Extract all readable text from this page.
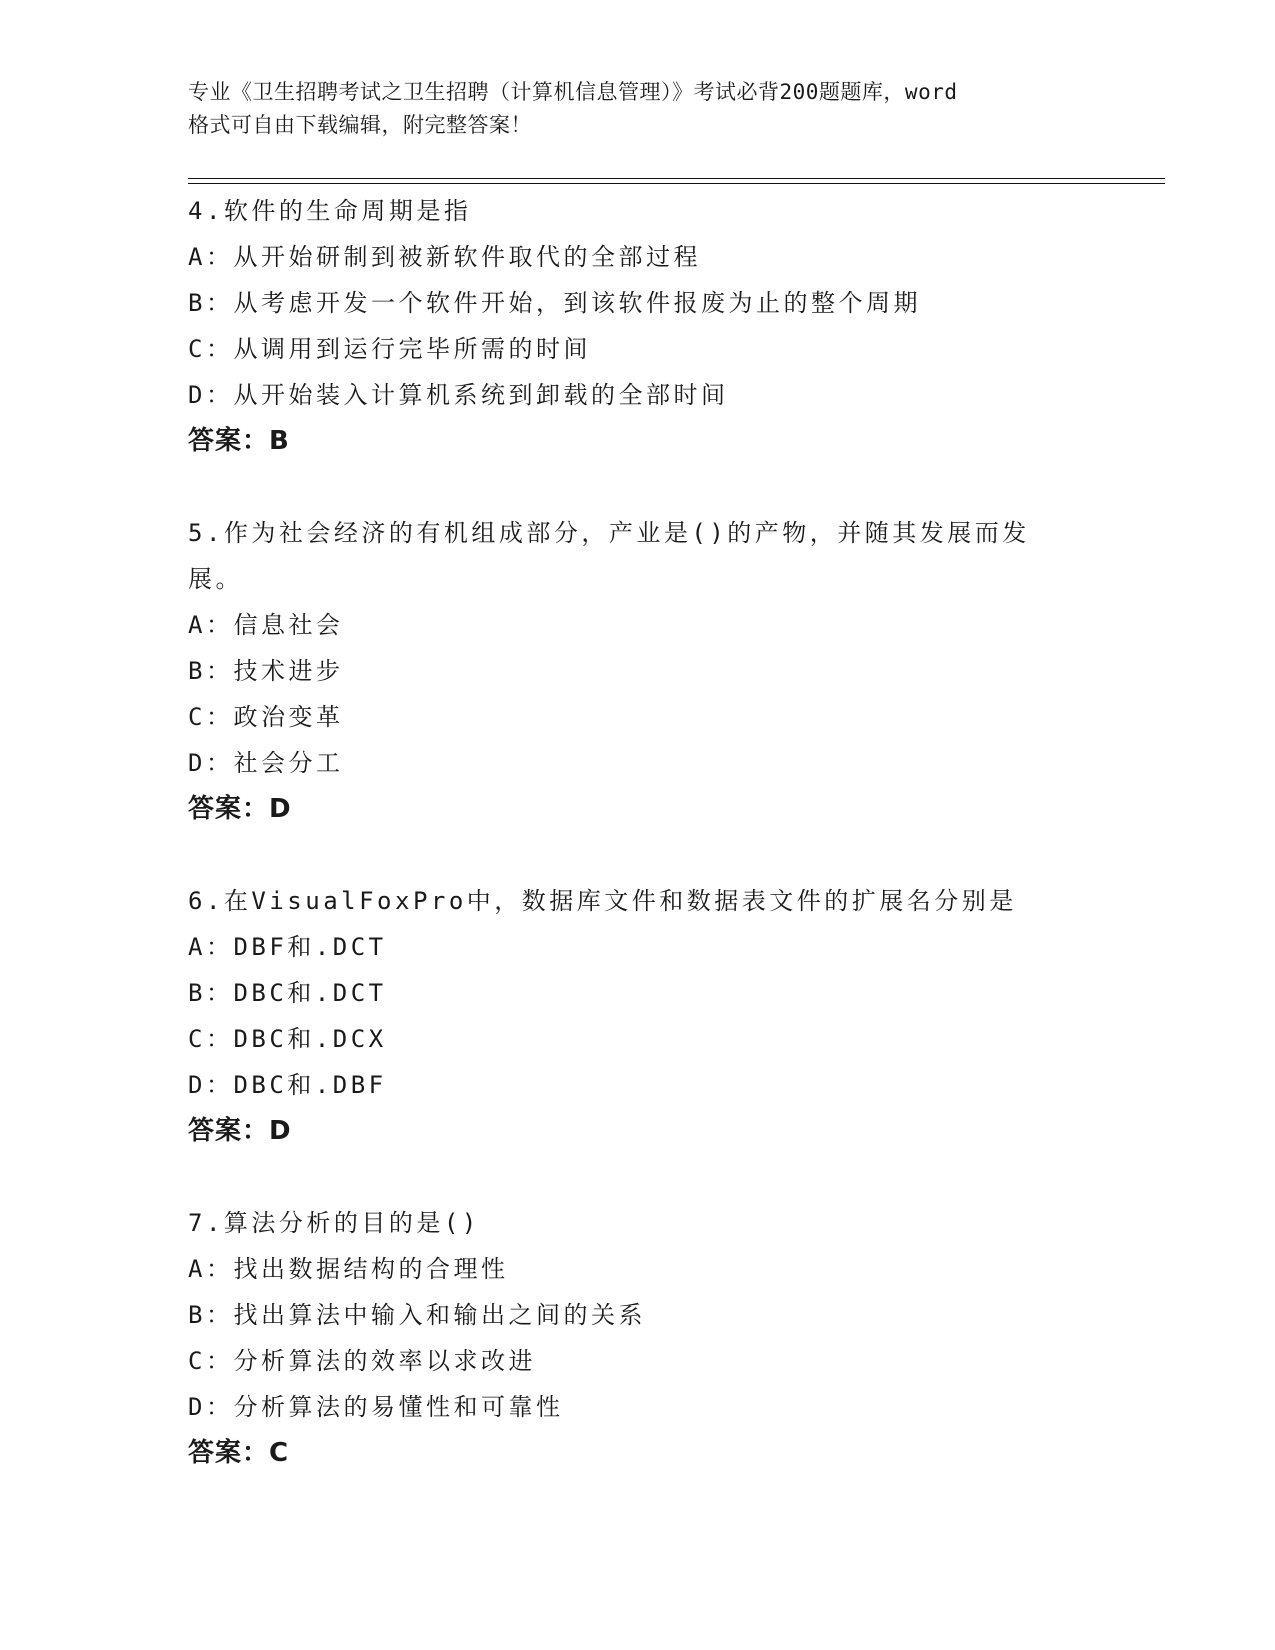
专业《卫生招聘考试之卫生招聘（计算机信息管理）》考试必背200题题库，word
格式可自由下载编辑，附完整答案！
4.软件的生命周期是指
A：从开始研制到被新软件取代的全部过程
B：从考虑开发一个软件开始，到该软件报废为止的整个周期
C：从调用到运行完毕所需的时间
D：从开始装入计算机系统到卸载的全部时间
答案：B
5.作为社会经济的有机组成部分，产业是()的产物，并随其发展而发展。
A：信息社会
B：技术进步
C：政治变革
D：社会分工
答案：D
6.在VisualFoxPro中，数据库文件和数据表文件的扩展名分别是
A：DBF和.DCT
B：DBC和.DCT
C：DBC和.DCX
D：DBC和.DBF
答案：D
7.算法分析的目的是()
A：找出数据结构的合理性
B：找出算法中输入和输出之间的关系
C：分析算法的效率以求改进
D：分析算法的易懂性和可靠性
答案：C
